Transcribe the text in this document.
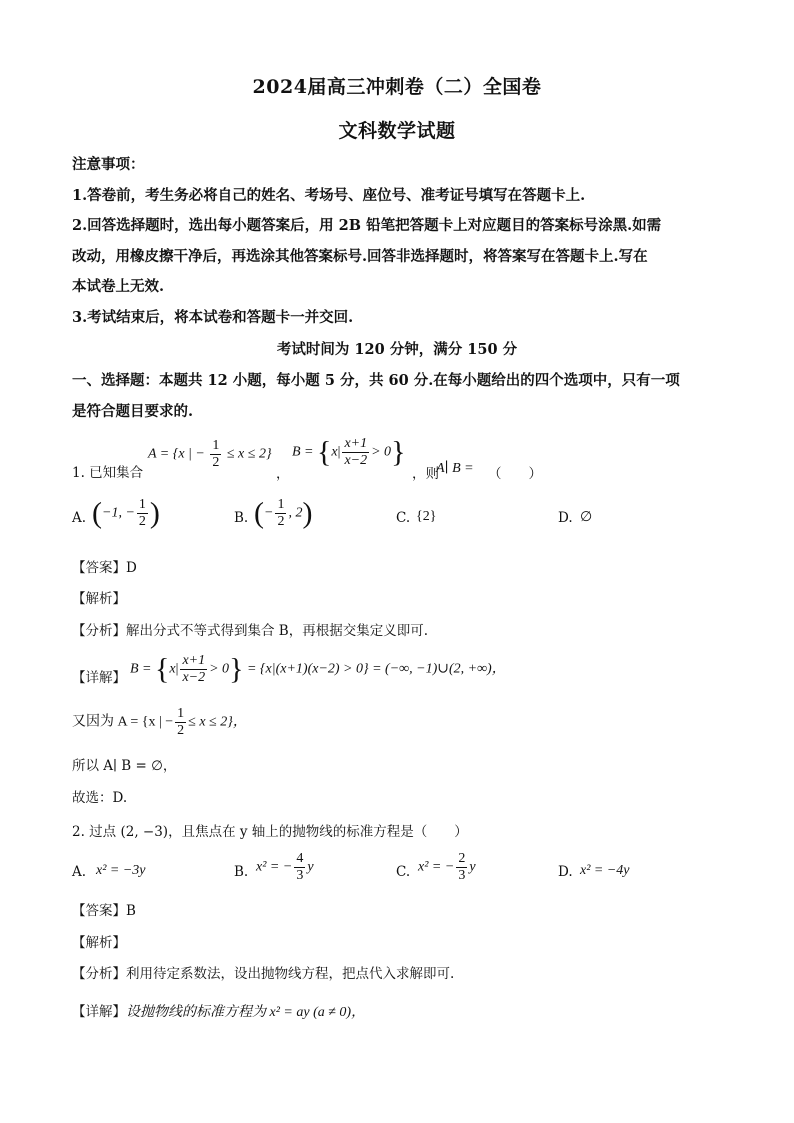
2024届高三冲刺卷（二）全国卷
文科数学试题
注意事项：
1.答卷前，考生务必将自己的姓名、考场号、座位号、准考证号填写在答题卡上.
2.回答选择题时，选出每小题答案后，用 2B 铅笔把答题卡上对应题目的答案标号涂黑.如需
改动，用橡皮擦干净后，再选涂其他答案标号.回答非选择题时，将答案写在答题卡上.写在
本试卷上无效.
3.考试结束后，将本试卷和答题卡一并交回.
考试时间为 120 分钟，满分 150 分
一、选择题：本题共 12 小题，每小题 5 分，共 60 分.在每小题给出的四个选项中，只有一项
是符合题目要求的.
1. 已知集合
A = {x | − $\frac{1}{2} \le x \le 2$}
，
$B = \{x| \frac{x+1}{x-2} > 0\}$
，则
A∣ B = （　　）
A. (−1, − $\frac{1}{2}$ )	B. (− $\frac{1}{2}$ , 2)	C. {2}	D. ∅
【答案】D
【解析】
【分析】解出分式不等式得到集合 B，再根据交集定义即可.
【详解】
$B = \{x| \frac{x+1}{x-2} > 0\} = \{x|(x+1)(x-2) > 0\}$ = (−∞, −1)∪(2, +∞)，
又因为 A = {x | − $\frac{1}{2} \le x \le 2$}，
所以 A∣ B = ∅，
故选：D.
2. 过点 (2, −3)，且焦点在 y 轴上的抛物线的标准方程是（　　）
A. x² = −3y	B. x² = − $\frac{4}{3}$ y	C. x² = − $\frac{2}{3}$ y	D. x² = −4y
【答案】B
【解析】
【分析】利用待定系数法，设出抛物线方程，把点代入求解即可.
【详解】设抛物线的标准方程为 x² = ay (a ≠ 0)，
